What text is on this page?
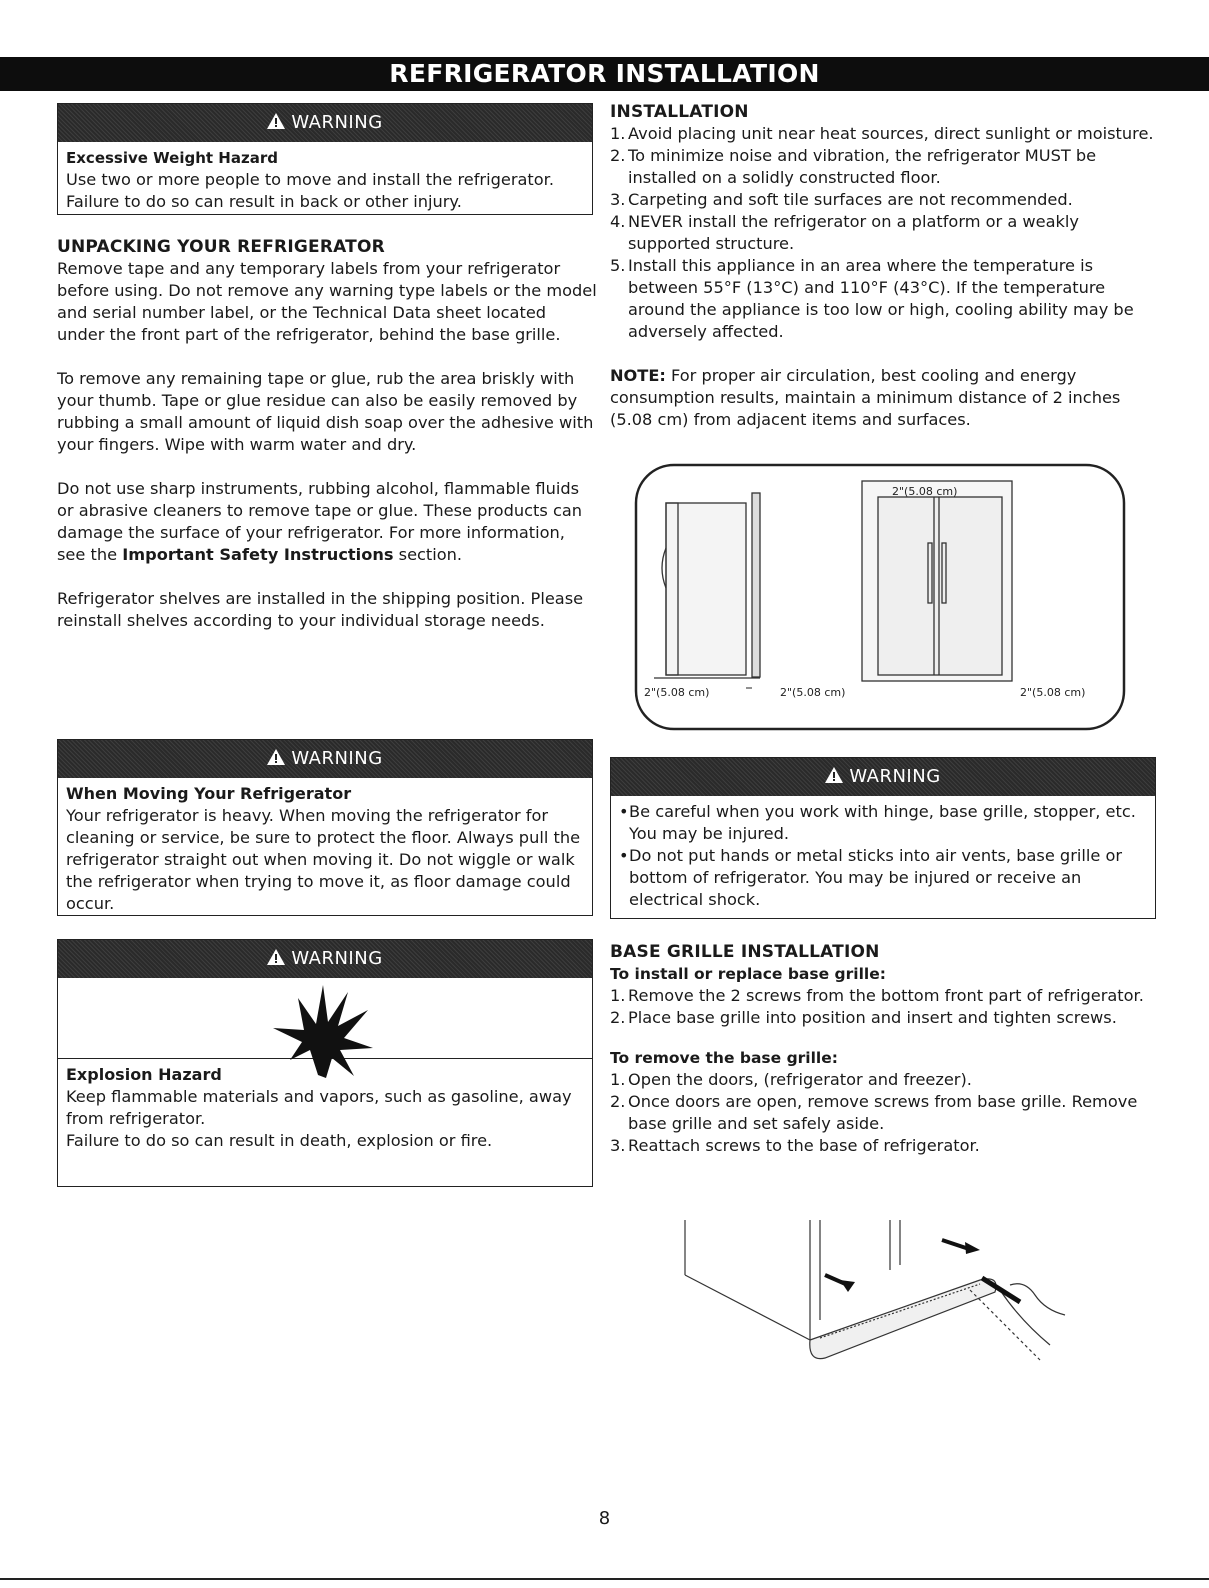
REFRIGERATOR INSTALLATION
WARNING
Excessive Weight Hazard
Use two or more people to move and install the refrigerator.
Failure to do so can result in back or other injury.
UNPACKING YOUR REFRIGERATOR

Remove tape and any temporary labels from your refrigerator before using. Do not remove any warning type labels or the model and serial number label, or the Technical Data sheet located under the front part of the refrigerator, behind the base grille.

To remove any remaining tape or glue, rub the area briskly with your thumb. Tape or glue residue can also be easily removed by rubbing a small amount of liquid dish soap over the adhesive with your fingers. Wipe with warm water and dry.

Do not use sharp instruments, rubbing alcohol, flammable fluids or abrasive cleaners to remove tape or glue. These products can damage the surface of your refrigerator. For more information, see the Important Safety Instructions section.

Refrigerator shelves are installed in the shipping position. Please reinstall shelves according to your individual storage needs.

WARNING
When Moving Your Refrigerator
Your refrigerator is heavy. When moving the refrigerator for cleaning or service, be sure to protect the floor. Always pull the refrigerator straight out when moving it. Do not wiggle or walk the refrigerator when trying to move it, as floor damage could occur.
WARNING
Explosion Hazard
Keep flammable materials and vapors, such as gasoline, away from refrigerator.
Failure to do so can result in death, explosion or fire.
INSTALLATION
1. Avoid placing unit near heat sources, direct sunlight or moisture.
2. To minimize noise and vibration, the refrigerator MUST be installed on a solidly constructed floor.
3. Carpeting and soft tile surfaces are not recommended.
4. NEVER install the refrigerator on a platform or a weakly supported structure.
5. Install this appliance in an area where the temperature is between 55°F (13°C) and 110°F (43°C). If the temperature around the appliance is too low or high, cooling ability may be adversely affected.

NOTE: For proper air circulation, best cooling and energy consumption results, maintain a minimum distance of 2 inches (5.08 cm) from adjacent items and surfaces.

2"(5.08 cm)	2"(5.08 cm)
2"(5.08 cm)
2"(5.08 cm)
WARNING
• Be careful when you work with hinge, base grille, stopper, etc. You may be injured.
• Do not put hands or metal sticks into air vents, base grille or bottom of refrigerator. You may be injured or receive an electrical shock.
BASE GRILLE INSTALLATION
To install or replace base grille:
1. Remove the 2 screws from the bottom front part of refrigerator.
2. Place base grille into position and insert and tighten screws.
To remove the base grille:
1. Open the doors, (refrigerator and freezer).
2. Once doors are open, remove screws from base grille. Remove base grille and set safely aside.
3. Reattach screws to the base of refrigerator.
8
